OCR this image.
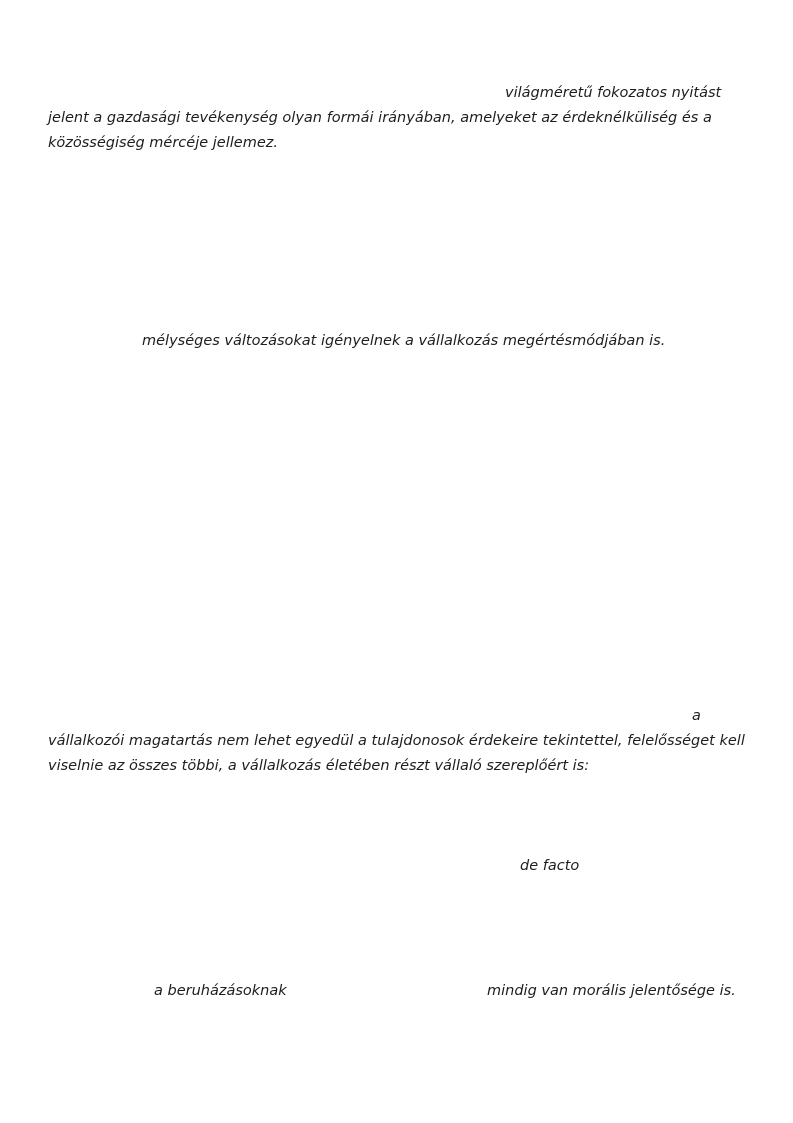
világméretű fokozatos nyitást
jelent a gazdasági tevékenység olyan formái irányában, amelyeket az érdeknélküliség és a
közösségiség mércéje jellemez.
mélységes változásokat igényelnek a vállalkozás megértésmódjában is.
a
vállalkozói magatartás nem lehet egyedül a tulajdonosok érdekeire tekintettel, felelősséget kell
viselnie az összes többi, a vállalkozás életében részt vállaló szereplőért is:
de facto
a beruházásoknak	mindig van morális jelentősége is.
